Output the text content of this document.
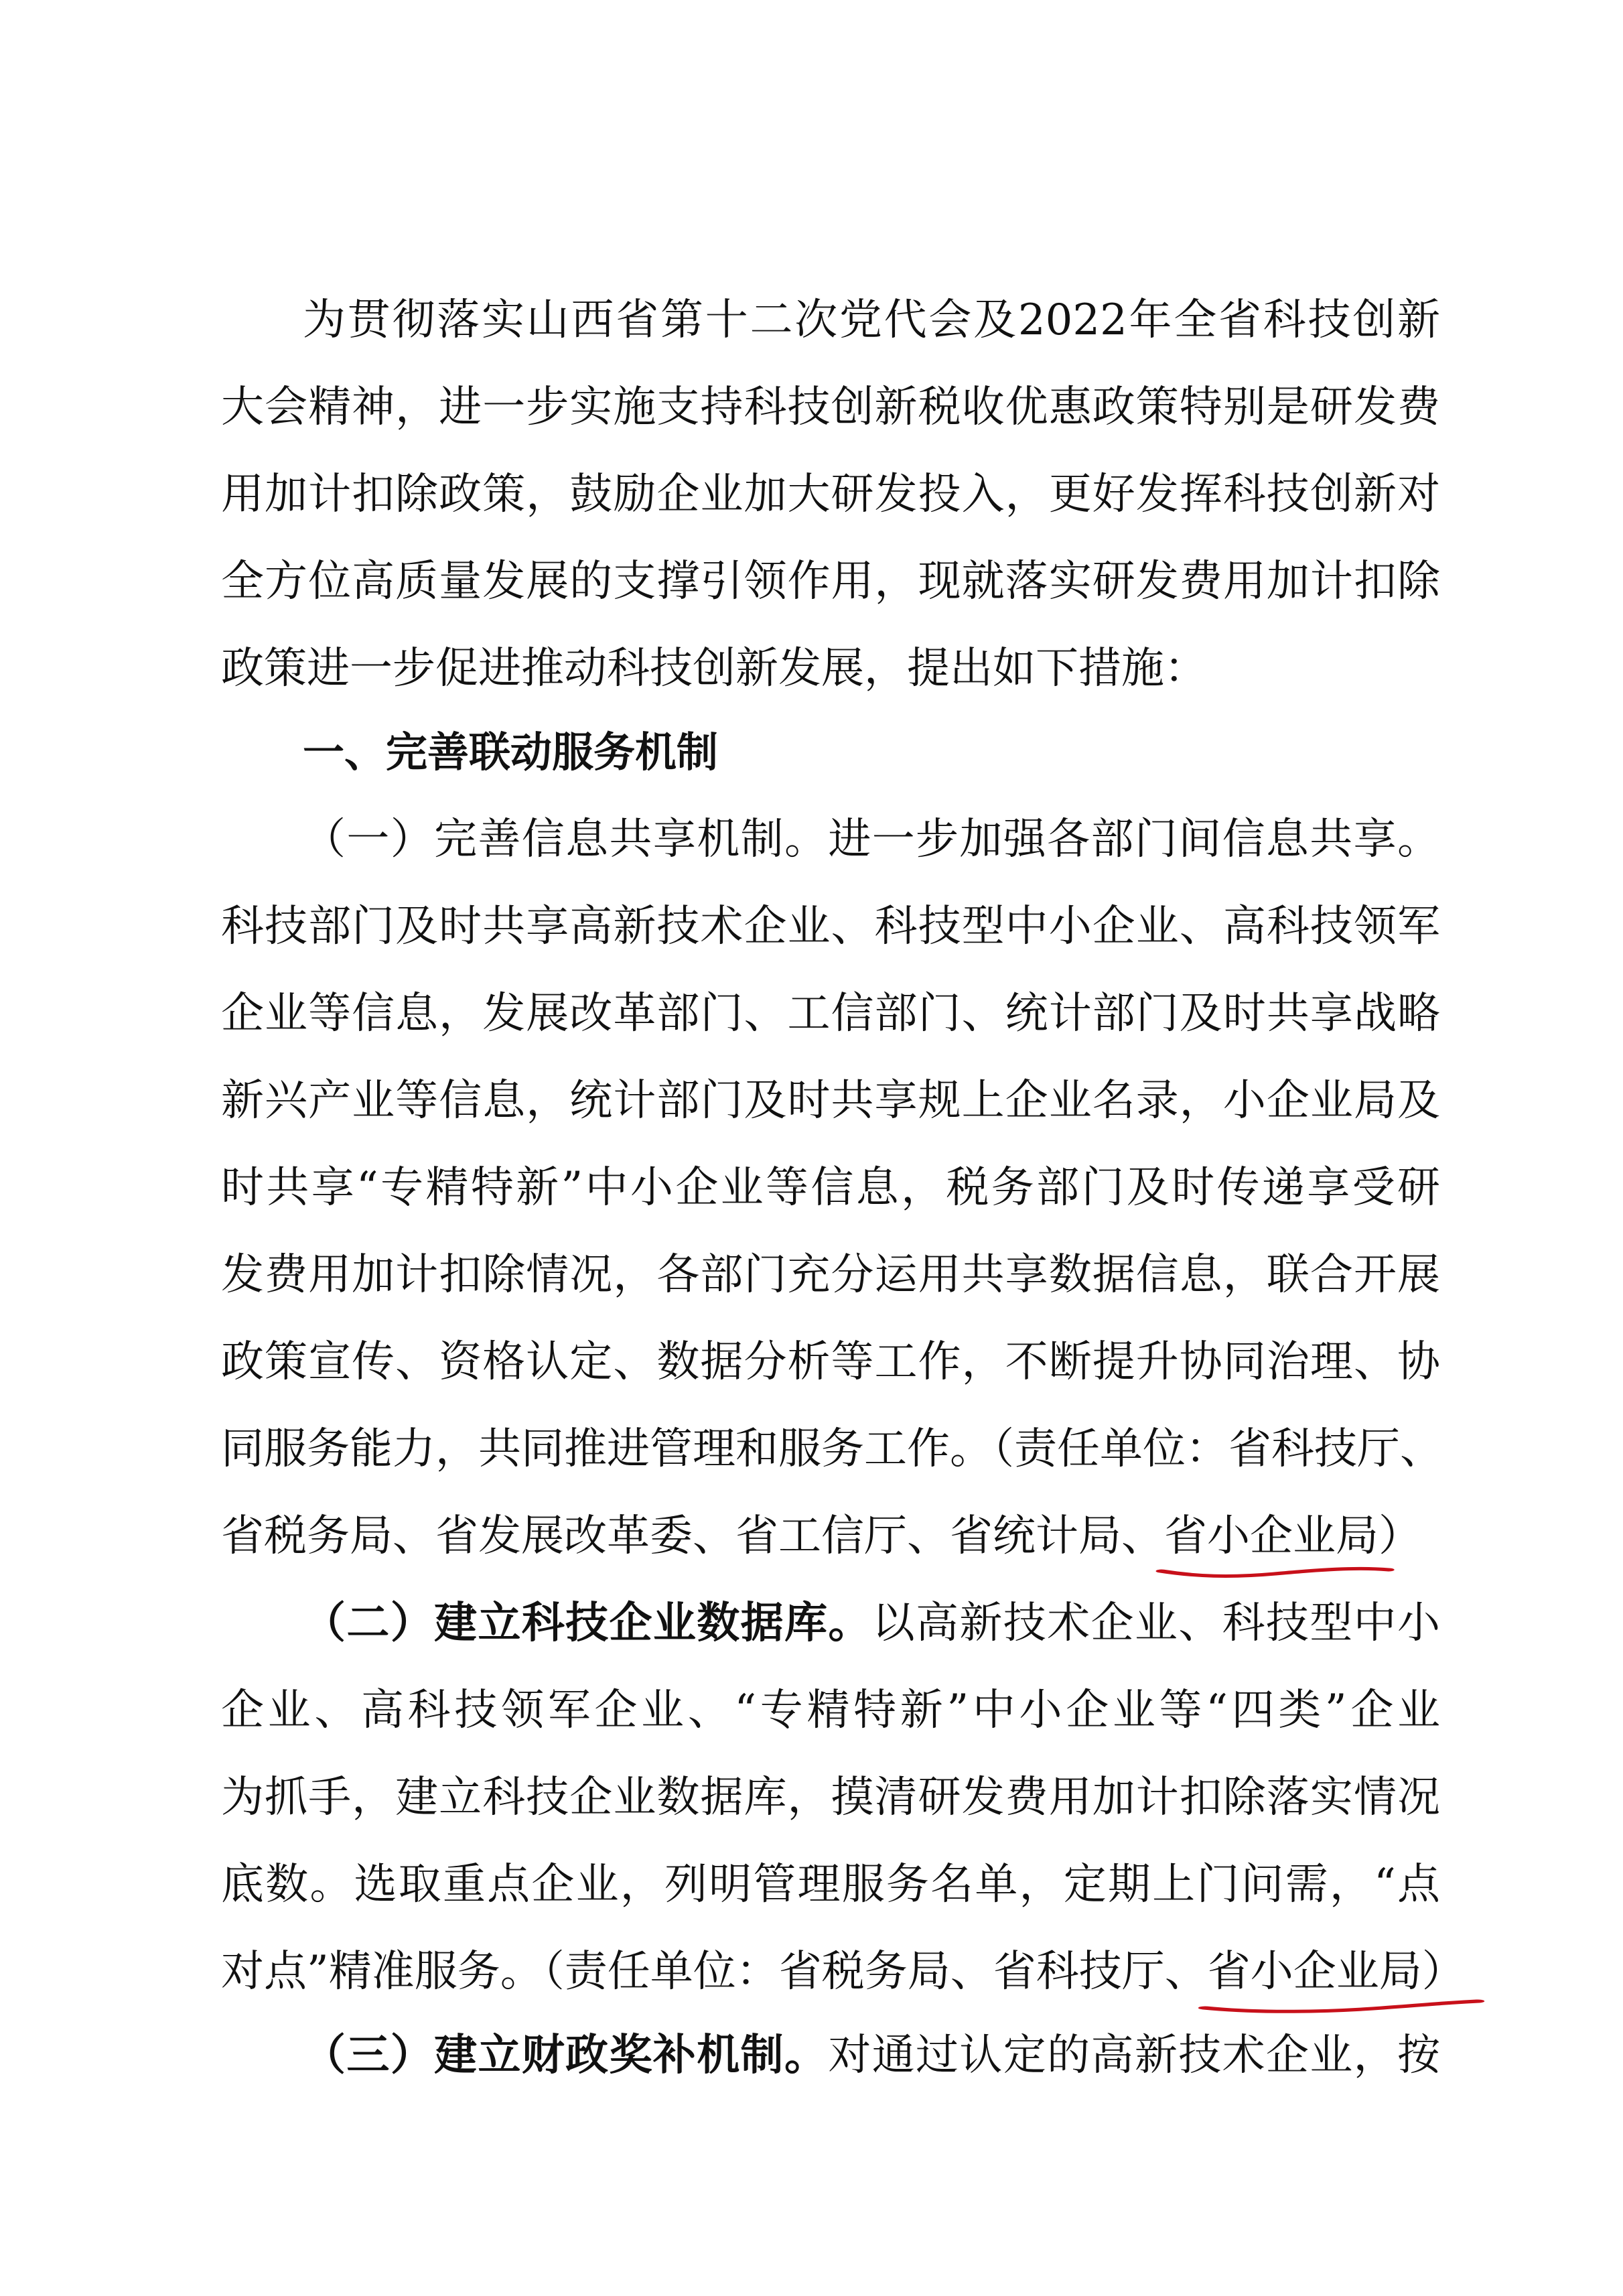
为贯彻落实山西省第十二次党代会及2022年全省科技创新
大会精神，进一步实施支持科技创新税收优惠政策特别是研发费
用加计扣除政策，鼓励企业加大研发投入，更好发挥科技创新对
全方位高质量发展的支撑引领作用，现就落实研发费用加计扣除
政策进一步促进推动科技创新发展，提出如下措施：
一、完善联动服务机制
（一）完善信息共享机制。进一步加强各部门间信息共享。
科技部门及时共享高新技术企业、科技型中小企业、高科技领军
企业等信息，发展改革部门、工信部门、统计部门及时共享战略
新兴产业等信息，统计部门及时共享规上企业名录，小企业局及
时共享“专精特新”中小企业等信息，税务部门及时传递享受研
发费用加计扣除情况，各部门充分运用共享数据信息，联合开展
政策宣传、资格认定、数据分析等工作，不断提升协同治理、协
同服务能力，共同推进管理和服务工作。（责任单位：省科技厅、
省税务局、省发展改革委、省工信厅、省统计局、省小企业局
）
（二）建立科技企业数据库。以高新技术企业、科技型中小
企业、高科技领军企业、“专精特新”中小企业等“四类”企业
为抓手，建立科技企业数据库，摸清研发费用加计扣除落实情况
底数。选取重点企业，列明管理服务名单，定期上门问需，“点
对点”精准服务。（责任单位：省税务局、省科技厅、省小企业局）
（三）建立财政奖补机制。对通过认定的高新技术企业，按
